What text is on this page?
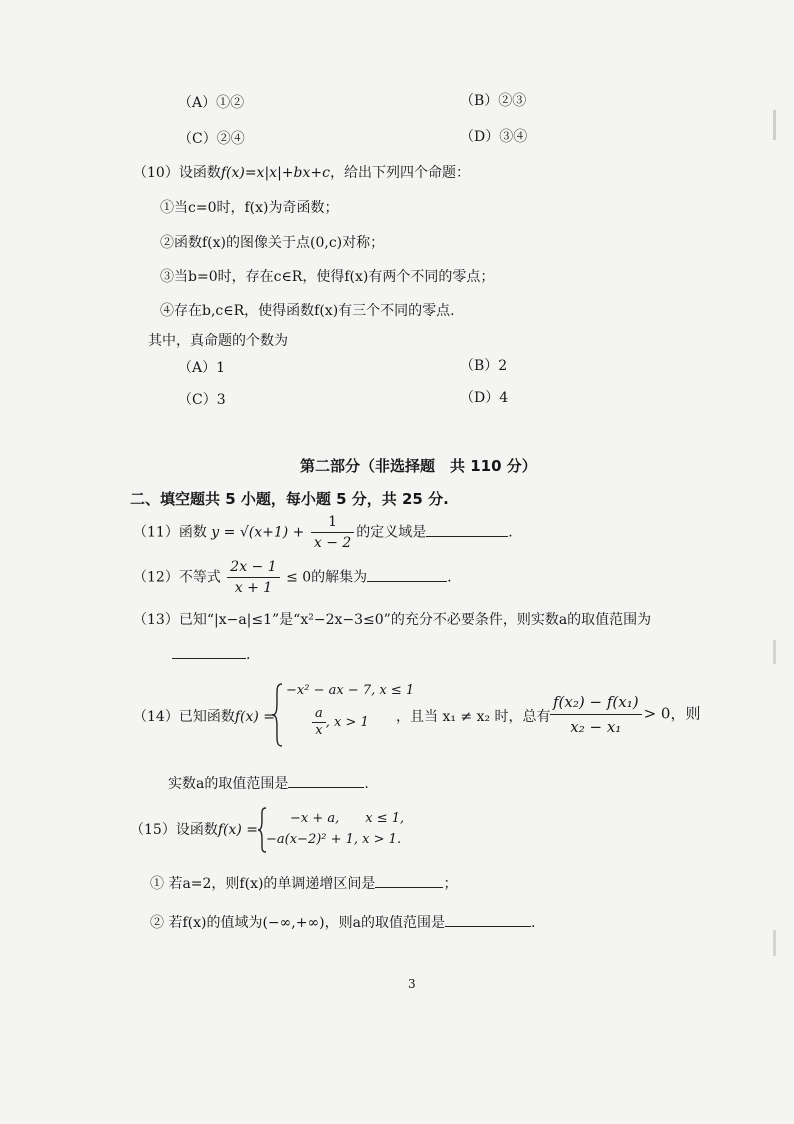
（A）①②	（B）②③
（C）②④	（D）③④
（10）设函数f(x)=x|x|+bx+c，给出下列四个命题：
①当c=0时，f(x)为奇函数；
②函数f(x)的图像关于点(0,c)对称；
③当b=0时，存在c∈R，使得f(x)有两个不同的零点；
④存在b,c∈R，使得函数f(x)有三个不同的零点.
其中，真命题的个数为
（A）1	（B）2
（C）3	（D）4
第二部分（非选择题　共 110 分）
二、填空题共 5 小题，每小题 5 分，共 25 分.
（11）函数 $y = √(x+1) + \frac{1}{x - 2}$ 的定义域是	.
（12）不等式 $\frac{2x - 1}{x + 1} \le 0$的解集为	.
（13）已知“|x−a|≤1”是“x²−2x−3≤0”的充分不必要条件，则实数a的取值范围为
.
（14）已知函数f(x) =
−x² − ax − 7, x ≤ 1
$\frac{a}{x}$ , x > 1 ，且当 x₁ ≠ x₂ 时，总有 $\frac{\text{f(x₂) − f(x₁)}}{\text{x₂ − x₁}} > 0$，则
实数a的取值范围是	.
（15）设函数f(x) =
−x + a,　　x ≤ 1,
−a(x−2)² + 1, x > 1.
① 若a=2，则f(x)的单调递增区间是	；
② 若f(x)的值域为(−∞,+∞)，则a的取值范围是	.
3
